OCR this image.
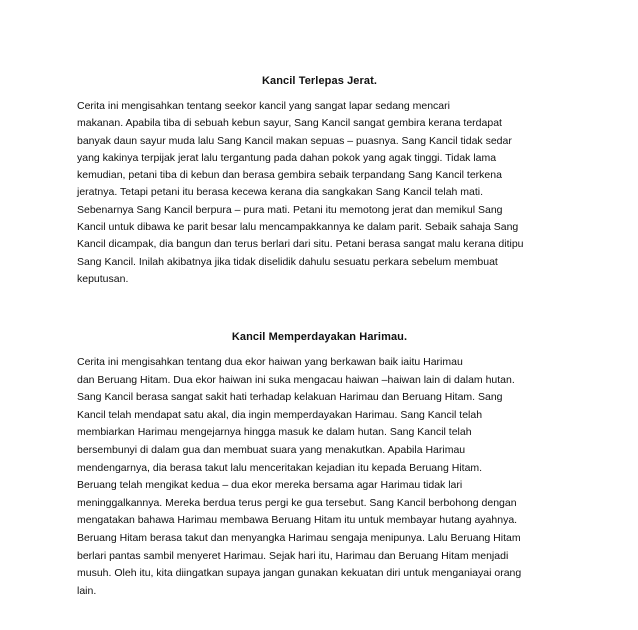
Kancil Terlepas Jerat.

Cerita ini mengisahkan tentang seekor kancil yang sangat lapar sedang mencari
makanan. Apabila tiba di sebuah kebun sayur, Sang Kancil sangat gembira kerana terdapat
banyak daun sayur muda lalu Sang Kancil makan sepuas – puasnya. Sang Kancil tidak sedar
yang kakinya terpijak jerat lalu tergantung pada dahan pokok yang agak tinggi. Tidak lama
kemudian, petani tiba di kebun dan berasa gembira sebaik terpandang Sang Kancil terkena
jeratnya. Tetapi petani itu berasa kecewa kerana dia sangkakan Sang Kancil telah mati.
Sebenarnya Sang Kancil berpura – pura mati. Petani itu memotong jerat dan memikul Sang
Kancil untuk dibawa ke parit besar lalu mencampakkannya ke dalam parit. Sebaik sahaja Sang
Kancil dicampak, dia bangun dan terus berlari dari situ. Petani berasa sangat malu kerana ditipu
Sang Kancil. Inilah akibatnya jika tidak diselidik dahulu sesuatu perkara sebelum membuat
keputusan.

Kancil Memperdayakan Harimau.

Cerita ini mengisahkan tentang dua ekor haiwan yang berkawan baik iaitu Harimau
dan Beruang Hitam. Dua ekor haiwan ini suka mengacau haiwan –haiwan lain di dalam hutan.
Sang Kancil berasa sangat sakit hati terhadap kelakuan Harimau dan Beruang Hitam. Sang
Kancil telah mendapat satu akal, dia ingin memperdayakan Harimau. Sang Kancil telah
membiarkan Harimau mengejarnya hingga masuk ke dalam hutan. Sang Kancil telah
bersembunyi di dalam gua dan membuat suara yang menakutkan. Apabila Harimau
mendengarnya, dia berasa takut lalu menceritakan kejadian itu kepada Beruang Hitam.
Beruang telah mengikat kedua – dua ekor mereka bersama agar Harimau tidak lari
meninggalkannya. Mereka berdua terus pergi ke gua tersebut. Sang Kancil berbohong dengan
mengatakan bahawa Harimau membawa Beruang Hitam itu untuk membayar hutang ayahnya.
Beruang Hitam berasa takut dan menyangka Harimau sengaja menipunya. Lalu Beruang Hitam
berlari pantas sambil menyeret Harimau. Sejak hari itu, Harimau dan Beruang Hitam menjadi
musuh. Oleh itu, kita diingatkan supaya jangan gunakan kekuatan diri untuk menganiayai orang
lain.
